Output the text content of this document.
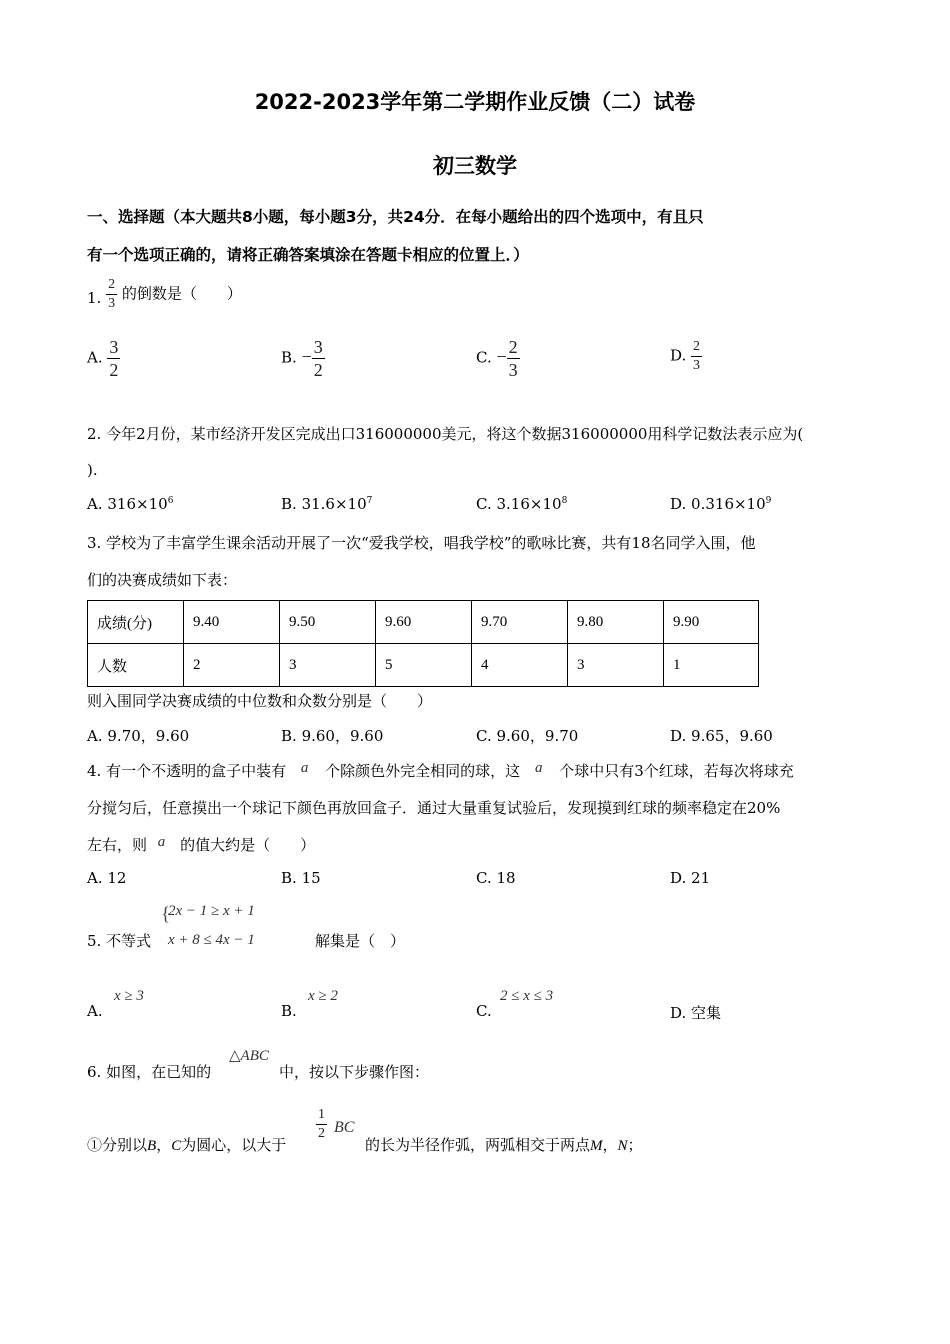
2022-2023学年第二学期作业反馈（二）试卷
初三数学
一、选择题（本大题共8小题，每小题3分，共24分．在每小题给出的四个选项中，有且只
有一个选项正确的，请将正确答案填涂在答题卡相应的位置上．）
1. $\frac{2}{3}$ 的倒数是（　　）
A. $\frac{3}{2}$	B. − $\frac{3}{2}$	C. − $\frac{2}{3}$	D. $\frac{2}{3}$
2. 今年2月份，某市经济开发区完成出口316000000美元，将这个数据316000000用科学记数法表示应为(
).
A. $316\times 10^6$	B. $31.6\times 10^7$	C. $3.16\times 10^8$	D. $0.316\times 10^9$
3. 学校为了丰富学生课余活动开展了一次“爱我学校，唱我学校”的歌咏比赛，共有18名同学入围，他
们的决赛成绩如下表：
成绩(分)	9.40	9.50	9.60	9.70	9.80	9.90
人数	2	3	5	4	3	1
则入围同学决赛成绩的中位数和众数分别是（　　）
A. 9.70，9.60	B. 9.60，9.60	C. 9.60，9.70	D. 9.65，9.60
4. 有一个不透明的盒子中装有 a 个除颜色外完全相同的球，这 a 个球中只有3个红球，若每次将球充
分搅匀后，任意摸出一个球记下颜色再放回盒子．通过大量重复试验后，发现摸到红球的频率稳定在20%
左右，则 a 的值大约是（　　）
A. 12	B. 15	C. 18	D. 21
5. 不等式
{
2x − 1 ≥ x + 1
x + 8 ≤ 4x − 1	解集是（　）
A.
x ≥ 3
B.
x ≥ 2
C.
2 ≤ x ≤ 3
D. 空集
6. 如图，在已知的
△ABC
中，按以下步骤作图：
①分别以B，C为圆心，以大于
$\frac{1}{2}$ BC
的长为半径作弧，两弧相交于两点M，N；
